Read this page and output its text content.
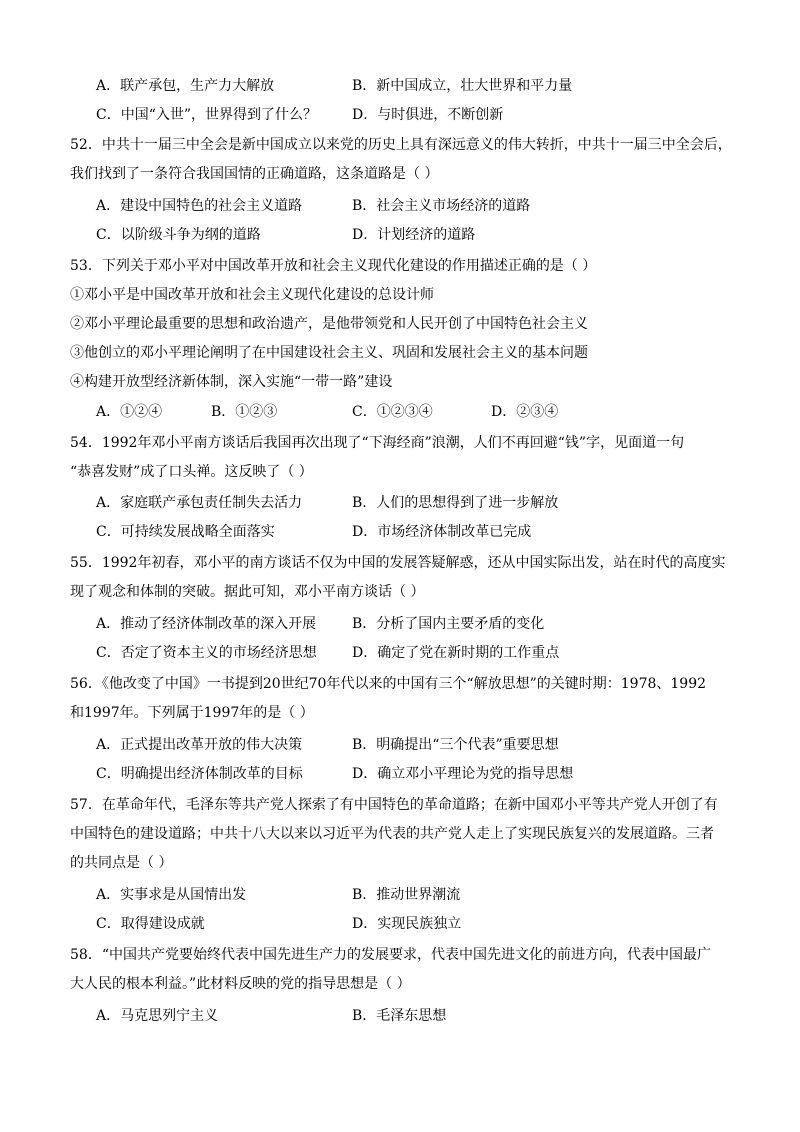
A．联产承包，生产力大解放	B．新中国成立，壮大世界和平力量
C．中国“入世”，世界得到了什么？ D．与时俱进，不断创新
52．中共十一届三中全会是新中国成立以来党的历史上具有深远意义的伟大转折，中共十一届三中全会后，
我们找到了一条符合我国国情的正确道路，这条道路是（ ）
A．建设中国特色的社会主义道路	B．社会主义市场经济的道路
C．以阶级斗争为纲的道路	D．计划经济的道路
53．下列关于邓小平对中国改革开放和社会主义现代化建设的作用描述正确的是（ ）
①邓小平是中国改革开放和社会主义现代化建设的总设计师
②邓小平理论最重要的思想和政治遗产，是他带领党和人民开创了中国特色社会主义
③他创立的邓小平理论阐明了在中国建设社会主义、巩固和发展社会主义的基本问题
④构建开放型经济新体制，深入实施“一带一路”建设
A．①②④	B．①②③	C．①②③④	D．②③④
54．1992年邓小平南方谈话后我国再次出现了“下海经商”浪潮，人们不再回避“钱”字，见面道一句
“恭喜发财”成了口头禅。这反映了（ ）
A．家庭联产承包责任制失去活力	B．人们的思想得到了进一步解放
C．可持续发展战略全面落实	D．市场经济体制改革已完成
55．1992年初春，邓小平的南方谈话不仅为中国的发展答疑解惑，还从中国实际出发，站在时代的高度实
现了观念和体制的突破。据此可知，邓小平南方谈话（ ）
A．推动了经济体制改革的深入开展	B．分析了国内主要矛盾的变化
C．否定了资本主义的市场经济思想	D．确定了党在新时期的工作重点
56．《他改变了中国》一书提到20世纪70年代以来的中国有三个“解放思想”的关键时期：1978、1992
和1997年。下列属于1997年的是（ ）
A．正式提出改革开放的伟大决策	B．明确提出“三个代表”重要思想
C．明确提出经济体制改革的目标	D．确立邓小平理论为党的指导思想
57．在革命年代，毛泽东等共产党人探索了有中国特色的革命道路；在新中国邓小平等共产党人开创了有
中国特色的建设道路；中共十八大以来以习近平为代表的共产党人走上了实现民族复兴的发展道路。三者
的共同点是（ ）
A．实事求是从国情出发	B．推动世界潮流
C．取得建设成就	D．实现民族独立
58．“中国共产党要始终代表中国先进生产力的发展要求，代表中国先进文化的前进方向，代表中国最广
大人民的根本利益。”此材料反映的党的指导思想是（ ）
A．马克思列宁主义	B．毛泽东思想
